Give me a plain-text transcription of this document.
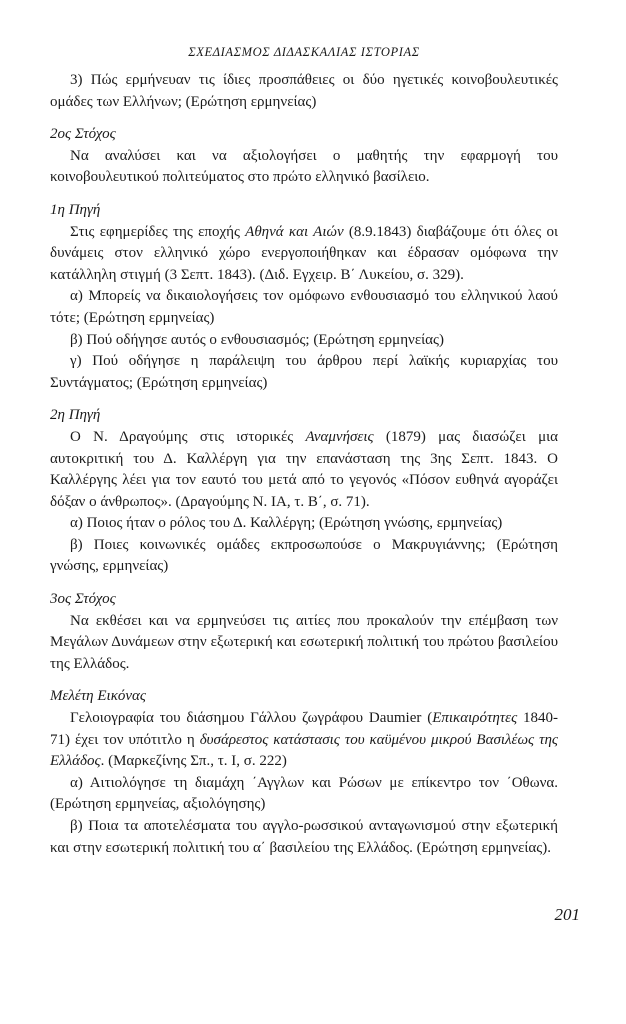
ΣΧΕΔΙΑΣΜΟΣ ΔΙΔΑΣΚΑΛΙΑΣ ΙΣΤΟΡΙΑΣ

3) Πώς ερμήνευαν τις ίδιες προσπάθειες οι δύο ηγετικές κοινοβουλευτικές ομάδες των Ελλήνων; (Ερώτηση ερμηνείας)

2ος Στόχος

Να αναλύσει και να αξιολογήσει ο μαθητής την εφαρμογή του κοινοβουλευτικού πολιτεύματος στο πρώτο ελληνικό βασίλειο.

1η Πηγή

Στις εφημερίδες της εποχής Αθηνά και Αιών (8.9.1843) διαβάζουμε ότι όλες οι δυνάμεις στον ελληνικό χώρο ενεργοποιήθηκαν και έδρασαν ομόφωνα την κατάλληλη στιγμή (3 Σεπτ. 1843). (Διδ. Εγχειρ. Β΄ Λυκείου, σ. 329).

α) Μπορείς να δικαιολογήσεις τον ομόφωνο ενθουσιασμό του ελληνικού λαού τότε; (Ερώτηση ερμηνείας)

β) Πού οδήγησε αυτός ο ενθουσιασμός; (Ερώτηση ερμηνείας)

γ) Πού οδήγησε η παράλειψη του άρθρου περί λαϊκής κυριαρχίας του Συντάγματος; (Ερώτηση ερμηνείας)

2η Πηγή

Ο Ν. Δραγούμης στις ιστορικές Αναμνήσεις (1879) μας διασώζει μια αυτοκριτική του Δ. Καλλέργη για την επανάσταση της 3ης Σεπτ. 1843. Ο Καλλέργης λέει για τον εαυτό του μετά από το γεγονός «Πόσον ευθηνά αγοράζει δόξαν ο άνθρωπος». (Δραγούμης Ν. ΙΑ, τ. Β΄, σ. 71).

α) Ποιος ήταν ο ρόλος του Δ. Καλλέργη; (Ερώτηση γνώσης, ερμηνείας)

β) Ποιες κοινωνικές ομάδες εκπροσωπούσε ο Μακρυγιάννης; (Ερώτηση γνώσης, ερμηνείας)

3ος Στόχος

Να εκθέσει και να ερμηνεύσει τις αιτίες που προκαλούν την επέμβαση των Μεγάλων Δυνάμεων στην εξωτερική και εσωτερική πολιτική του πρώτου βασιλείου της Ελλάδος.

Μελέτη Εικόνας

Γελοιογραφία του διάσημου Γάλλου ζωγράφου Daumier (Επικαιρότητες 1840-71) έχει τον υπότιτλο η δυσάρεστος κατάστασις του καϋμένου μικρού Βασιλέως της Ελλάδος. (Μαρκεζίνης Σπ., τ. Ι, σ. 222)

α) Αιτιολόγησε τη διαμάχη ΄Αγγλων και Ρώσων με επίκεντρο τον ΄Οθωνα. (Ερώτηση ερμηνείας, αξιολόγησης)

β) Ποια τα αποτελέσματα του αγγλο-ρωσσικού ανταγωνισμού στην εξωτερική και στην εσωτερική πολιτική του α΄ βασιλείου της Ελλάδος. (Ερώτηση ερμηνείας).

201
